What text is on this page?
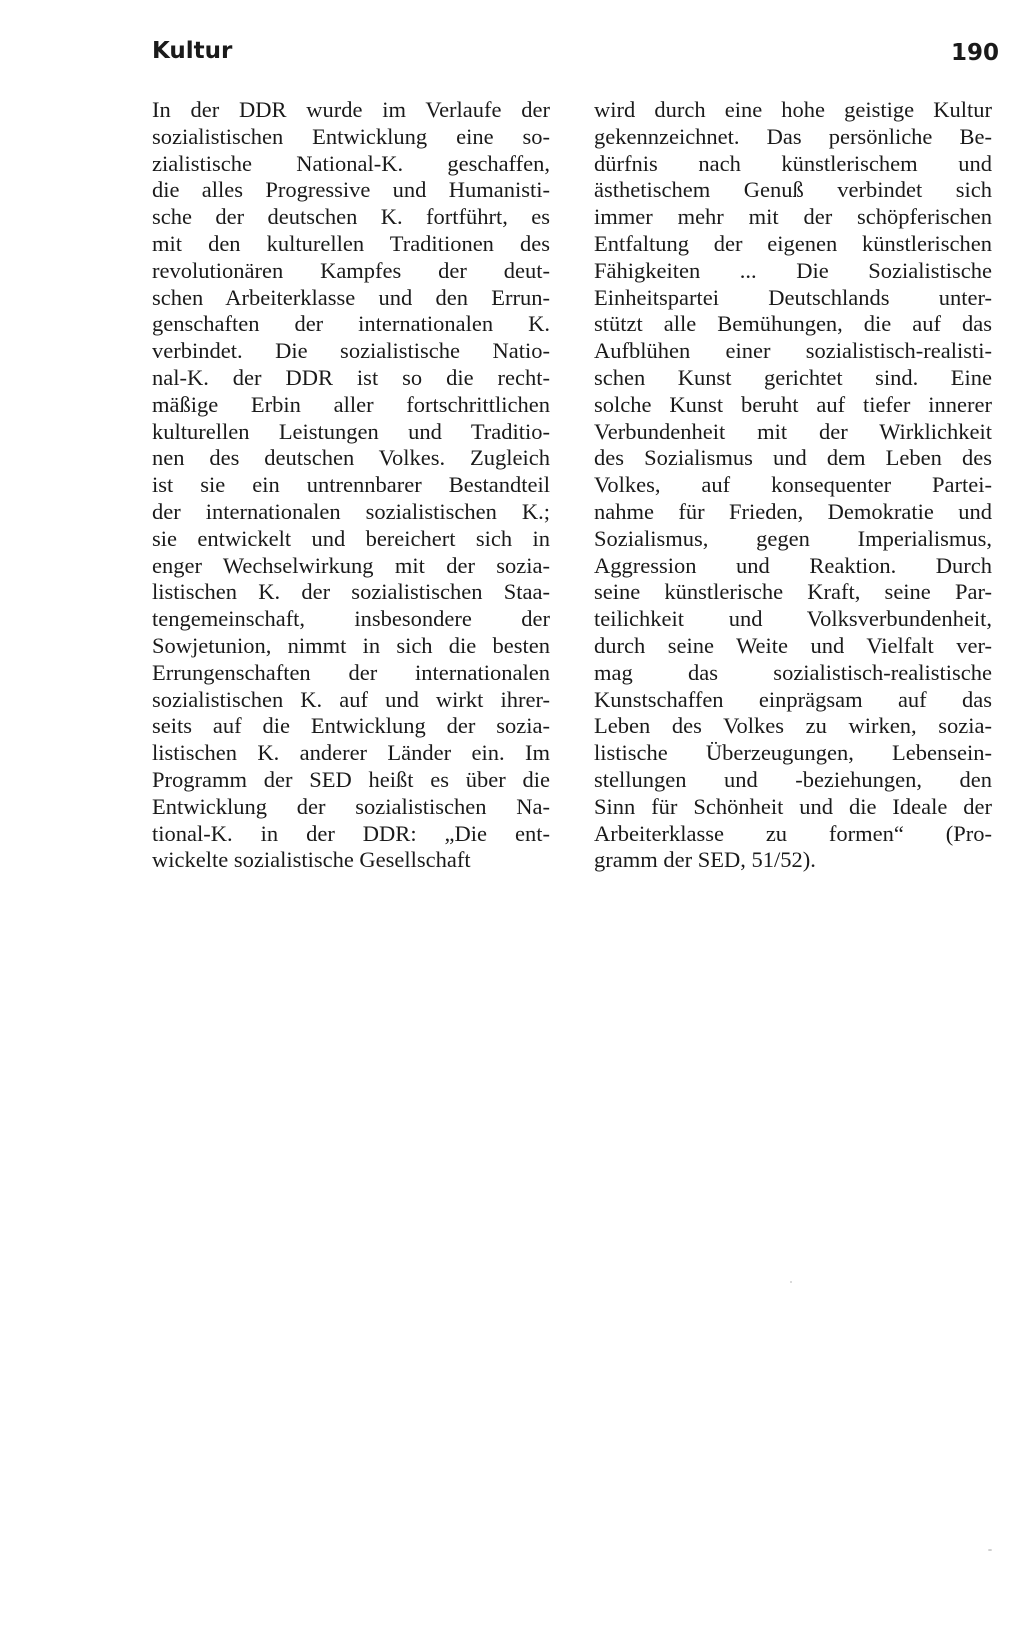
Kultur	190
In der DDR wurde im Verlaufe der
sozialistischen Entwicklung eine so-
zialistische National-K. geschaffen,
die alles Progressive und Humanisti-
sche der deutschen K. fortführt, es
mit den kulturellen Traditionen des
revolutionären Kampfes der deut-
schen Arbeiterklasse und den Errun-
genschaften der internationalen K.
verbindet. Die sozialistische Natio-
nal-K. der DDR ist so die recht-
mäßige Erbin aller fortschrittlichen
kulturellen Leistungen und Traditio-
nen des deutschen Volkes. Zugleich
ist sie ein untrennbarer Bestandteil
der internationalen sozialistischen K.;
sie entwickelt und bereichert sich in
enger Wechselwirkung mit der sozia-
listischen K. der sozialistischen Staa-
tengemeinschaft, insbesondere der
Sowjetunion, nimmt in sich die besten
Errungenschaften der internationalen
sozialistischen K. auf und wirkt ihrer-
seits auf die Entwicklung der sozia-
listischen K. anderer Länder ein. Im
Programm der SED heißt es über die
Entwicklung der sozialistischen Na-
tional-K. in der DDR: „Die ent-
wickelte sozialistische Gesellschaft
wird durch eine hohe geistige Kultur
gekennzeichnet. Das persönliche Be-
dürfnis nach künstlerischem und
ästhetischem Genuß verbindet sich
immer mehr mit der schöpferischen
Entfaltung der eigenen künstlerischen
Fähigkeiten ... Die Sozialistische
Einheitspartei Deutschlands unter-
stützt alle Bemühungen, die auf das
Aufblühen einer sozialistisch-realisti-
schen Kunst gerichtet sind. Eine
solche Kunst beruht auf tiefer innerer
Verbundenheit mit der Wirklichkeit
des Sozialismus und dem Leben des
Volkes, auf konsequenter Partei-
nahme für Frieden, Demokratie und
Sozialismus, gegen Imperialismus,
Aggression und Reaktion. Durch
seine künstlerische Kraft, seine Par-
teilichkeit und Volksverbundenheit,
durch seine Weite und Vielfalt ver-
mag das sozialistisch-realistische
Kunstschaffen einprägsam auf das
Leben des Volkes zu wirken, sozia-
listische Überzeugungen, Lebensein-
stellungen und -beziehungen, den
Sinn für Schönheit und die Ideale der
Arbeiterklasse zu formen“ (Pro-
gramm der SED, 51/52).
